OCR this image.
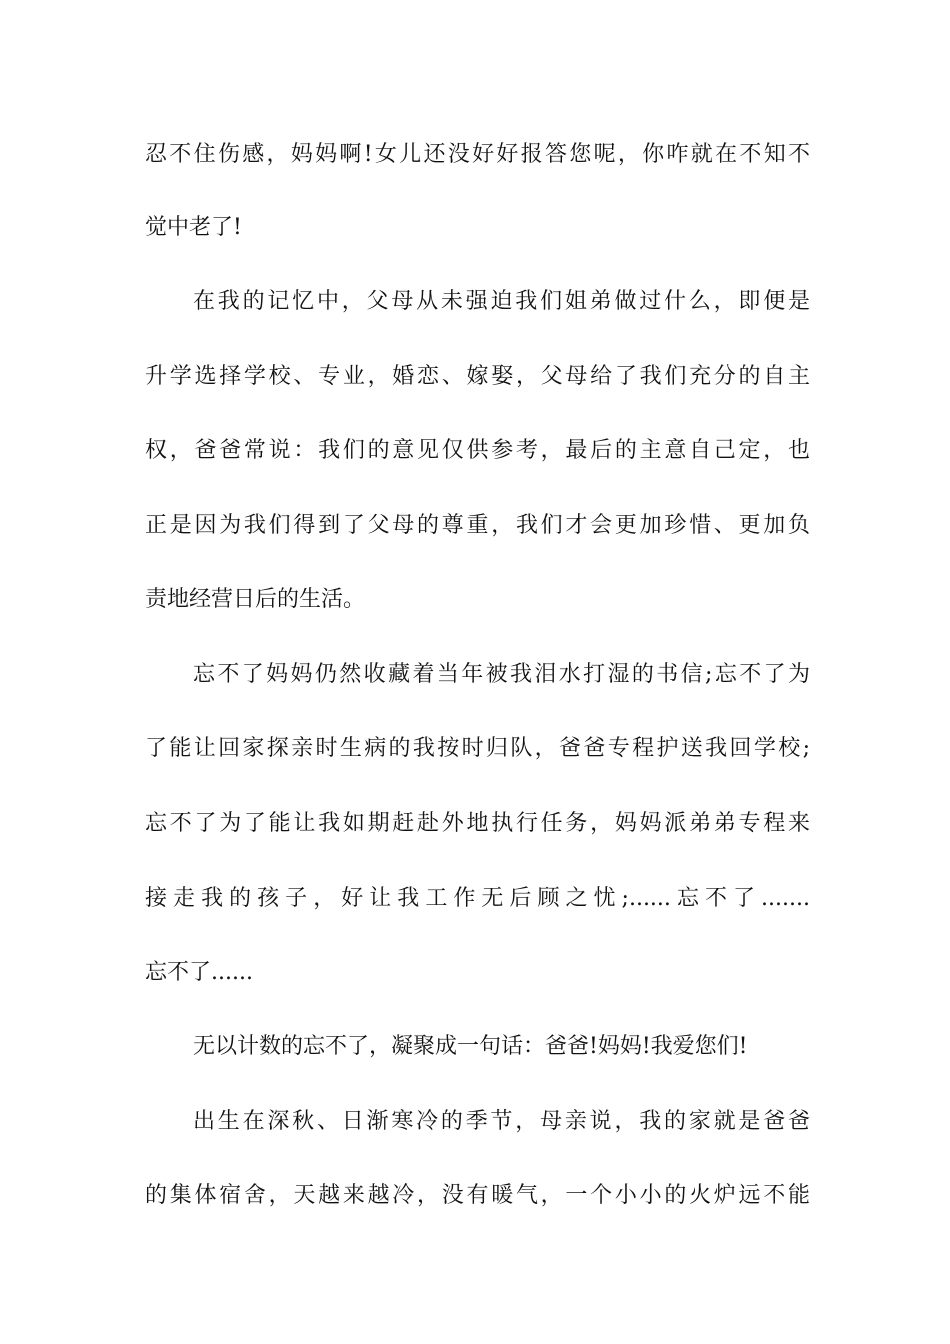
忍不住伤感，妈妈啊!女儿还没好好报答您呢，你咋就在不知不
觉中老了!
在我的记忆中，父母从未强迫我们姐弟做过什么，即便是
升学选择学校、专业，婚恋、嫁娶，父母给了我们充分的自主
权，爸爸常说：我们的意见仅供参考，最后的主意自己定，也
正是因为我们得到了父母的尊重，我们才会更加珍惜、更加负
责地经营日后的生活。
忘不了妈妈仍然收藏着当年被我泪水打湿的书信;忘不了为
了能让回家探亲时生病的我按时归队，爸爸专程护送我回学校;
忘不了为了能让我如期赶赴外地执行任务，妈妈派弟弟专程来
接走我的孩子，好让我工作无后顾之忧;......忘不了.......
忘不了......
无以计数的忘不了，凝聚成一句话：爸爸!妈妈!我爱您们!
出生在深秋、日渐寒冷的季节，母亲说，我的家就是爸爸
的集体宿舍，天越来越冷，没有暖气，一个小小的火炉远不能
